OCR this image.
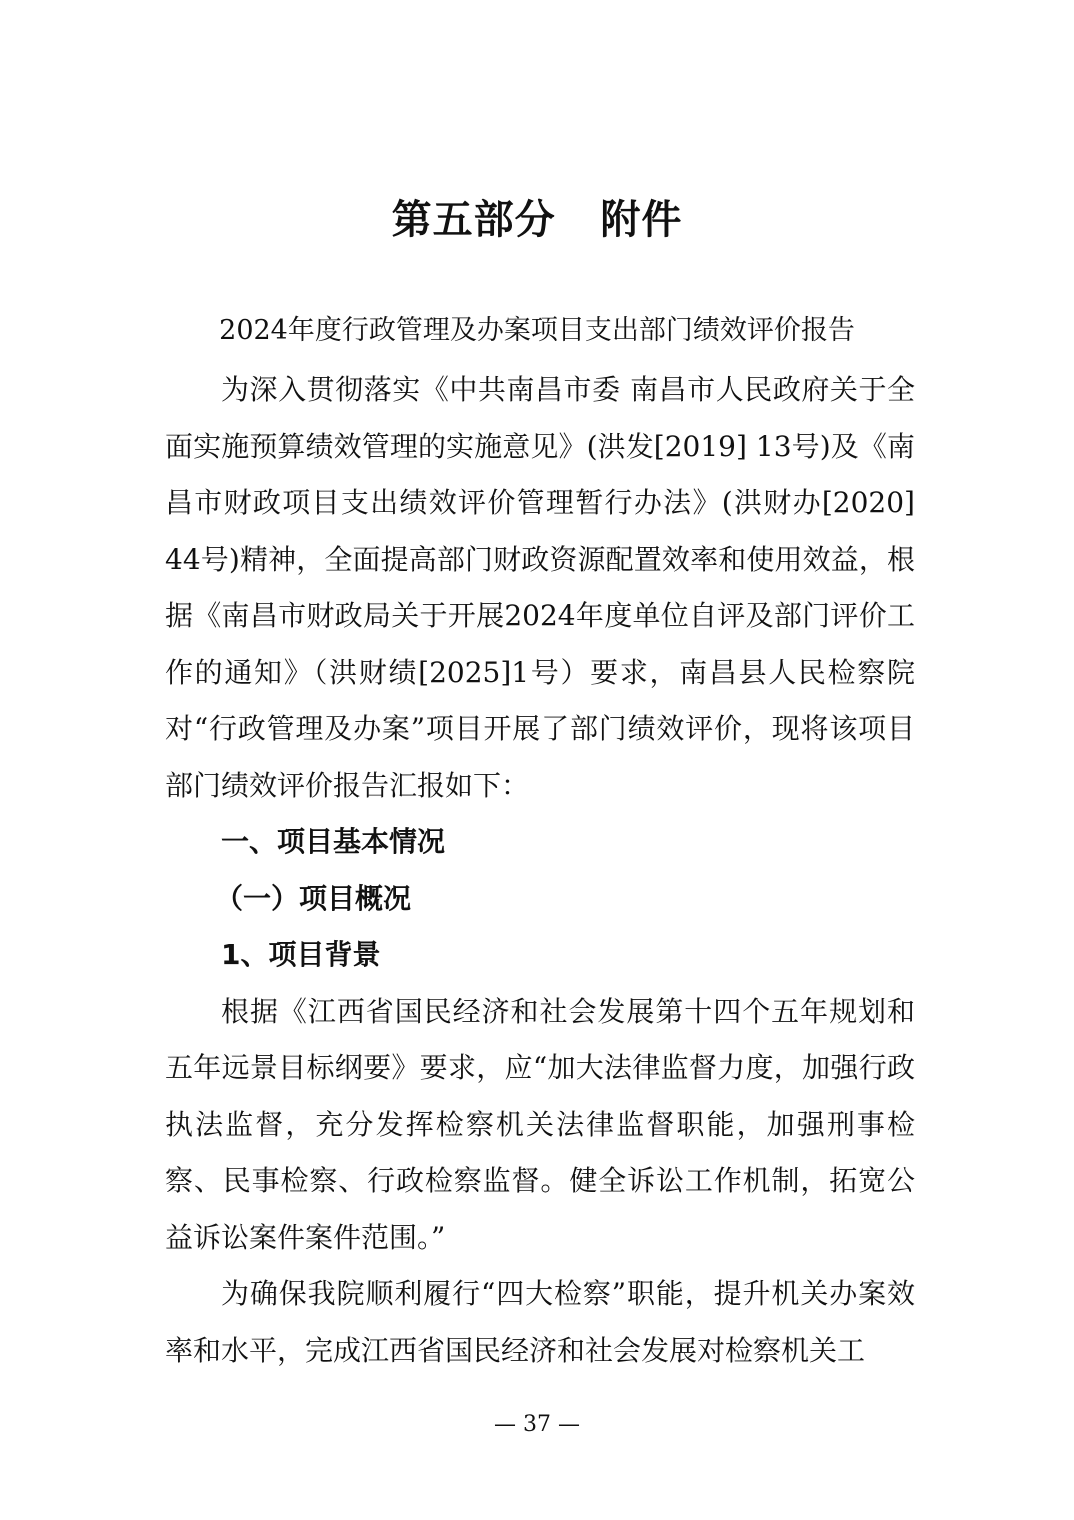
第五部分   附件
2024年度行政管理及办案项目支出部门绩效评价报告

为深入贯彻落实《中共南昌市委 南昌市人民政府关于全面实施预算绩效管理的实施意见》(洪发[2019] 13号)及《南昌市财政项目支出绩效评价管理暂行办法》(洪财办[2020] 44号)精神，全面提高部门财政资源配置效率和使用效益，根据《南昌市财政局关于开展2024年度单位自评及部门评价工作的通知》（洪财绩[2025]1号）要求，南昌县人民检察院对“行政管理及办案”项目开展了部门绩效评价，现将该项目部门绩效评价报告汇报如下：

一、项目基本情况
（一）项目概况
1、项目背景

根据《江西省国民经济和社会发展第十四个五年规划和五年远景目标纲要》要求，应“加大法律监督力度，加强行政执法监督，充分发挥检察机关法律监督职能，加强刑事检察、民事检察、行政检察监督。健全诉讼工作机制，拓宽公益诉讼案件案件范围。”

为确保我院顺利履行“四大检察”职能，提升机关办案效率和水平，完成江西省国民经济和社会发展对检察机关工

— 37 —
